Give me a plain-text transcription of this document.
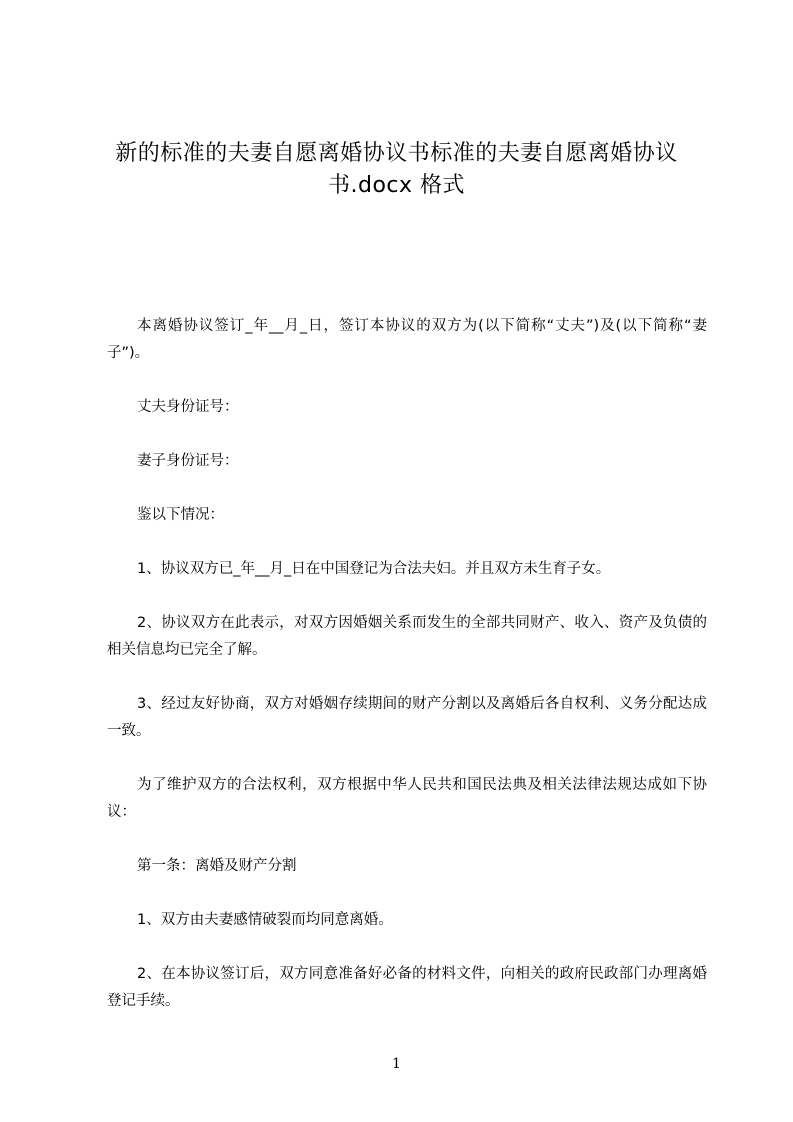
新的标准的夫妻自愿离婚协议书标准的夫妻自愿离婚协议书.docx 格式

本离婚协议签订_年__月_日，签订本协议的双方为(以下简称“丈夫”)及(以下简称“妻子”)。

丈夫身份证号：

妻子身份证号：

鉴以下情况：

1、协议双方已_年__月_日在中国登记为合法夫妇。并且双方未生育子女。

2、协议双方在此表示，对双方因婚姻关系而发生的全部共同财产、收入、资产及负债的相关信息均已完全了解。

3、经过友好协商，双方对婚姻存续期间的财产分割以及离婚后各自权利、义务分配达成一致。

为了维护双方的合法权利，双方根据中华人民共和国民法典及相关法律法规达成如下协议：

第一条：离婚及财产分割

1、双方由夫妻感情破裂而均同意离婚。

2、在本协议签订后，双方同意准备好必备的材料文件，向相关的政府民政部门办理离婚登记手续。

1
